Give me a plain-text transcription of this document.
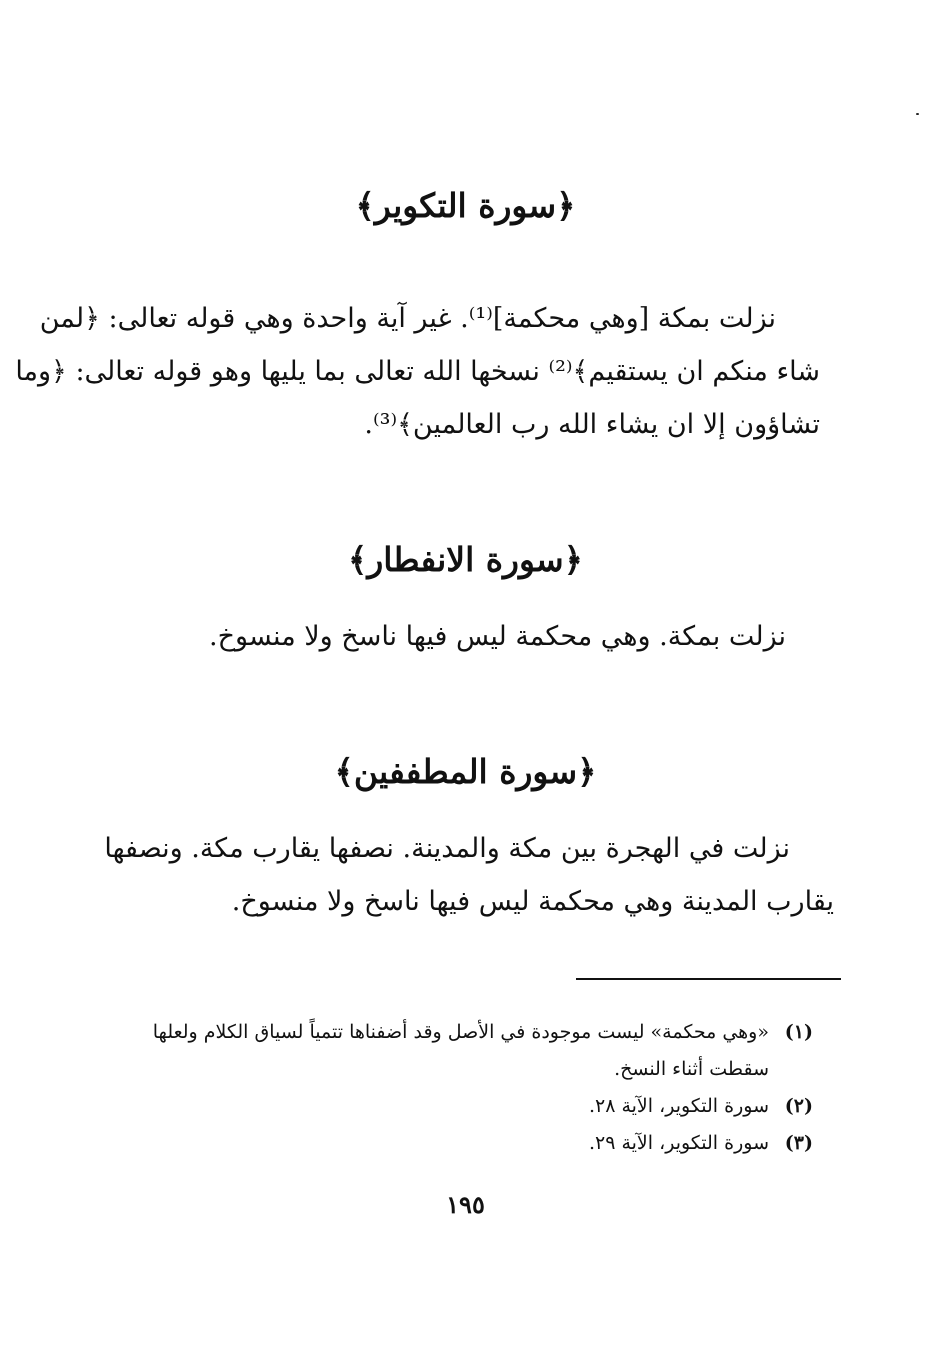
﴿سورة التكوير﴾
نزلت بمكة [وهي محكمة]⁽¹⁾. غير آية واحدة وهي قوله تعالى: ﴿لمن
شاء منكم ان يستقيم﴾⁽²⁾ نسخها الله تعالى بما يليها وهو قوله تعالى: ﴿وما
تشاؤون إلا ان يشاء الله رب العالمين﴾⁽³⁾.
﴿سورة الانفطار﴾
نزلت بمكة. وهي محكمة ليس فيها ناسخ ولا منسوخ.
﴿سورة المطففين﴾
نزلت في الهجرة بين مكة والمدينة. نصفها يقارب مكة. ونصفها
يقارب المدينة وهي محكمة ليس فيها ناسخ ولا منسوخ.
(١)
«وهي محكمة» ليست موجودة في الأصل وقد أضفناها تتمياً لسياق الكلام ولعلها سقطت أثناء النسخ.
(٢)
سورة التكوير، الآية ٢٨.
(٣)
سورة التكوير، الآية ٢٩.
١٩٥
